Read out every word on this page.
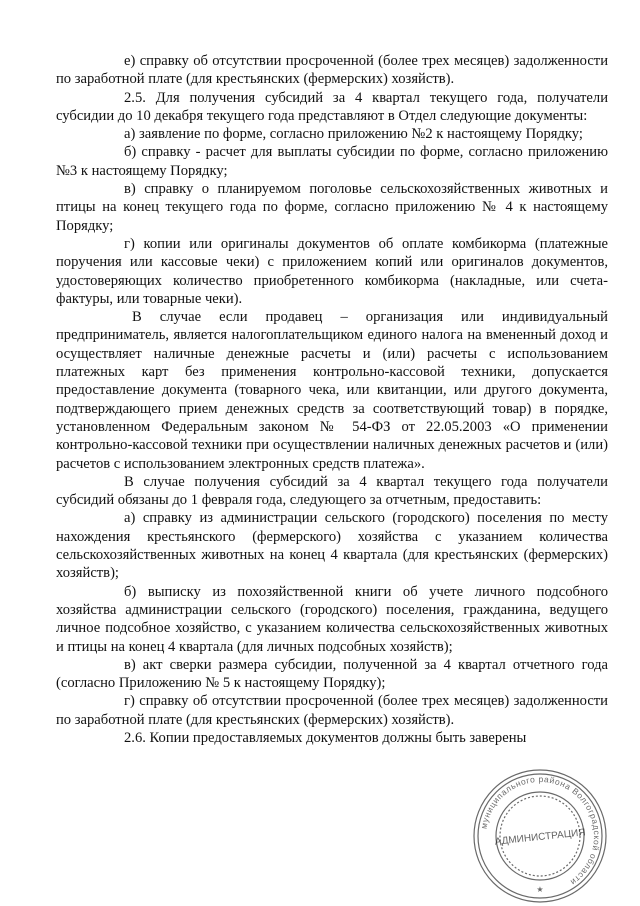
е) справку об отсутствии просроченной (более трех месяцев) задолженности по заработной плате (для крестьянских (фермерских) хозяйств).

2.5. Для получения субсидий за 4 квартал текущего года, получатели субсидии до 10 декабря текущего года представляют в Отдел следующие документы:

а) заявление по форме, согласно приложению №2 к настоящему Порядку;

б) справку - расчет для выплаты субсидии по форме, согласно приложению №3 к настоящему Порядку;

в) справку о планируемом поголовье сельскохозяйственных животных и птицы на конец текущего года по форме, согласно приложению № 4 к настоящему Порядку;

г) копии или оригиналы документов об оплате комбикорма (платежные поручения или кассовые чеки) с приложением копий или оригиналов документов, удостоверяющих количество приобретенного комбикорма (накладные, или счета-фактуры, или товарные чеки).

В случае если продавец – организация или индивидуальный предприниматель, является налогоплательщиком единого налога на вмененный доход и осуществляет наличные денежные расчеты и (или) расчеты с использованием платежных карт без применения контрольно-кассовой техники, допускается предоставление документа (товарного чека, или квитанции, или другого документа, подтверждающего прием денежных средств за соответствующий товар) в порядке, установленном Федеральным законом № 54-ФЗ от 22.05.2003 «О применении контрольно-кассовой техники при осуществлении наличных денежных расчетов и (или) расчетов с использованием электронных средств платежа».

В случае получения субсидий за 4 квартал текущего года получатели субсидий обязаны до 1 февраля года, следующего за отчетным, предоставить:

а) справку из администрации сельского (городского) поселения по месту нахождения крестьянского (фермерского) хозяйства с указанием количества сельскохозяйственных животных на конец 4 квартала (для крестьянских (фермерских) хозяйств);

б) выписку из похозяйственной книги об учете личного подсобного хозяйства администрации сельского (городского) поселения, гражданина, ведущего личное подсобное хозяйство, с указанием количества сельскохозяйственных животных и птицы на конец 4 квартала (для личных подсобных хозяйств);

в) акт сверки размера субсидии, полученной за 4 квартал отчетного года (согласно Приложению № 5 к настоящему Порядку);

г) справку об отсутствии просроченной (более трех месяцев) задолженности по заработной плате (для крестьянских (фермерских) хозяйств).

2.6. Копии предоставляемых документов должны быть заверены

муниципального района Волгоградской области
АДМИНИСТРАЦИЯ
★
